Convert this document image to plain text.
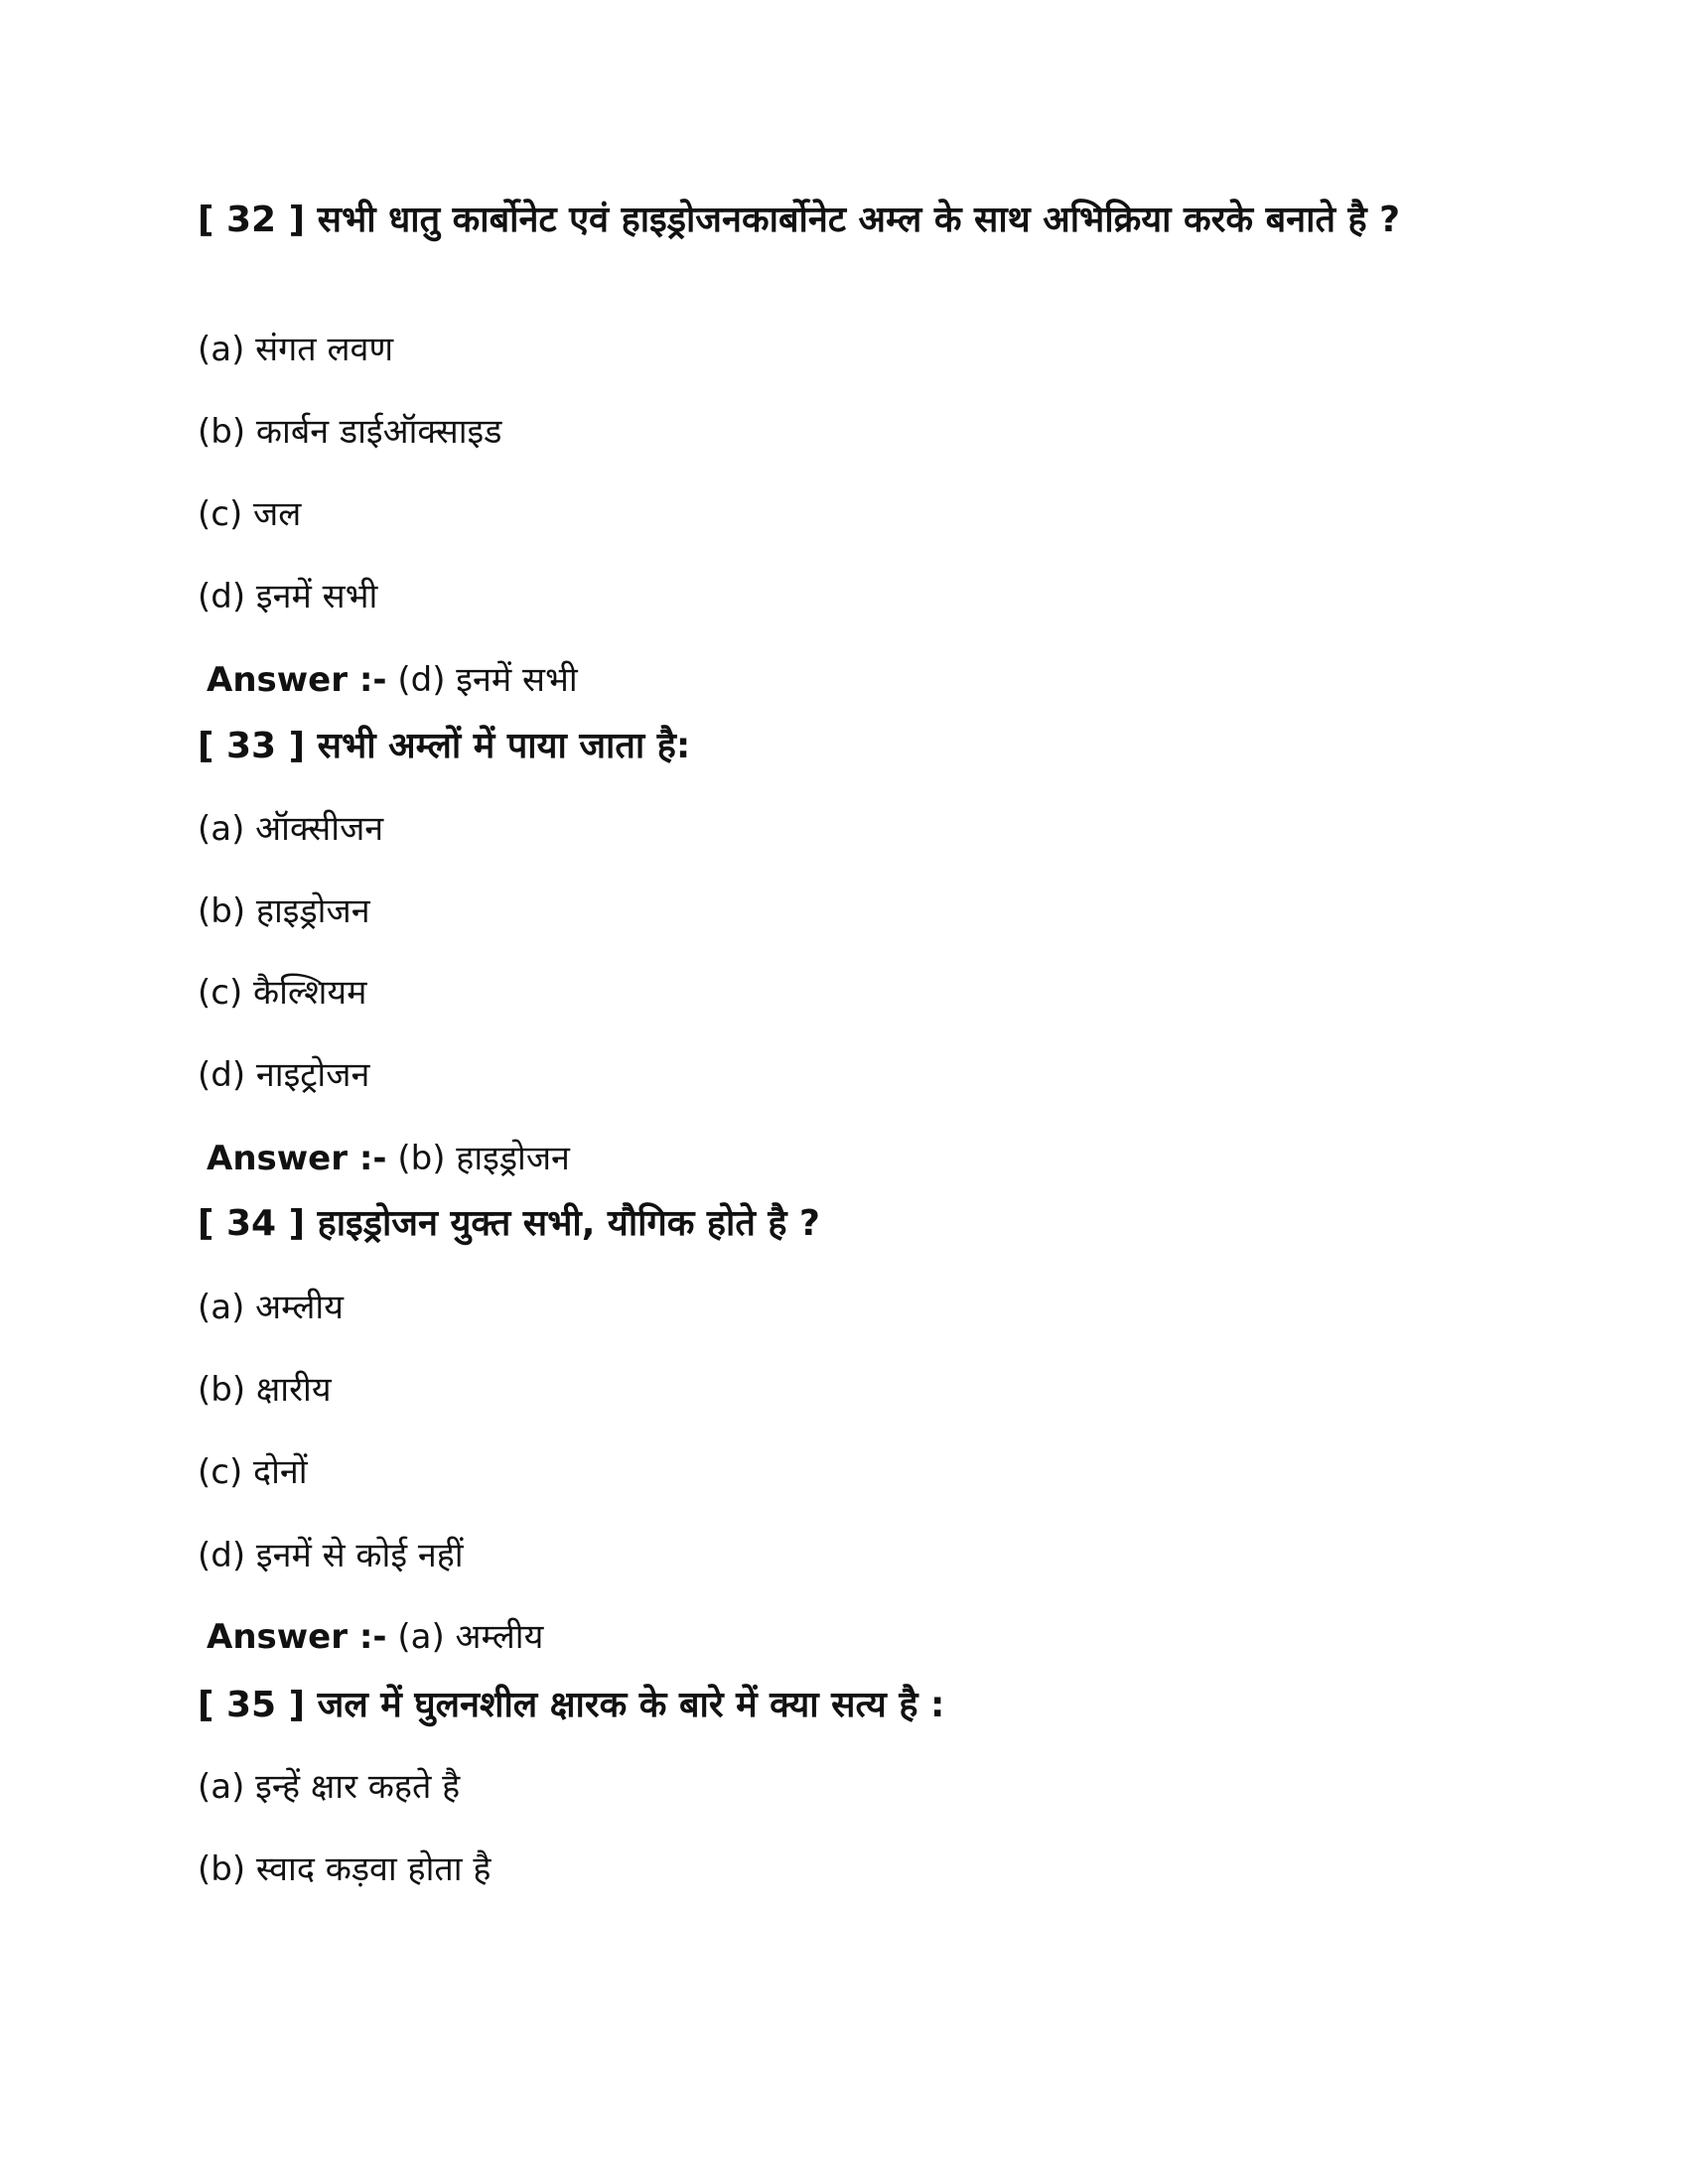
[ 32 ] सभी धातु कार्बोनेट एवं हाइड्रोजनकार्बोनेट अम्ल के साथ अभिक्रिया करके बनाते है ?
(a) संगत लवण
(b) कार्बन डाईऑक्साइड
(c) जल
(d) इनमें सभी
Answer :- (d) इनमें सभी
[ 33 ] सभी अम्लों में पाया जाता है:
(a) ऑक्सीजन
(b) हाइड्रोजन
(c) कैल्शियम
(d) नाइट्रोजन
Answer :- (b) हाइड्रोजन
[ 34 ] हाइड्रोजन युक्त सभी, यौगिक होते है ?
(a) अम्लीय
(b) क्षारीय
(c) दोनों
(d) इनमें से कोई नहीं
Answer :- (a) अम्लीय
[ 35 ] जल में घुलनशील क्षारक के बारे में क्या सत्य है :
(a) इन्हें क्षार कहते है
(b) स्वाद कड़वा होता है
